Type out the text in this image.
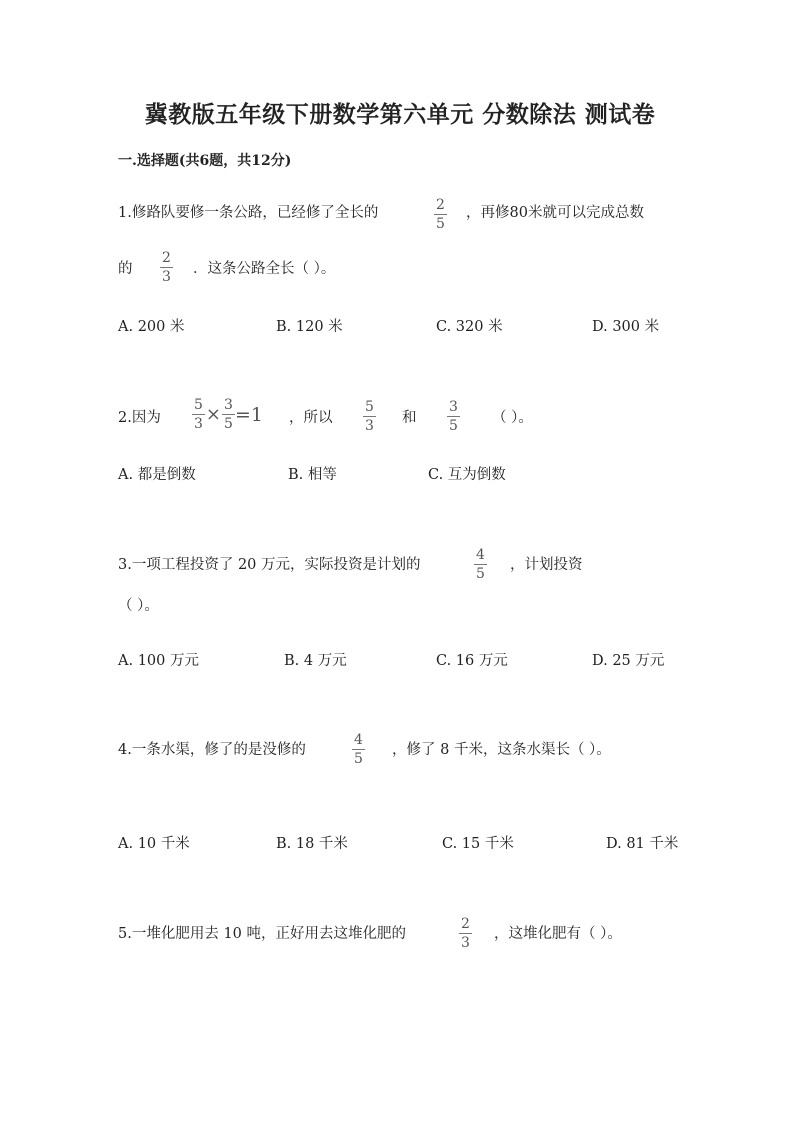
冀教版五年级下册数学第六单元 分数除法 测试卷
一.选择题(共6题，共12分)
1.修路队要修一条公路，已经修了全长的	$\frac{2}{5}$ ，再修80米就可以完成总数
的 $\frac{2}{3}$ ．这条公路全长（ ）。
A. 200 米	B. 120 米	C. 320 米	D. 300 米
2.因为 $\frac{5}{3} \times \frac{3}{5} =1$ ，所以 $\frac{5}{3}$ 和 $\frac{3}{5}$ （ ）。
A. 都是倒数	B. 相等	C. 互为倒数
3.一项工程投资了 20 万元，实际投资是计划的	$\frac{4}{5}$ ，计划投资
（ ）。
A. 100 万元	B. 4 万元	C. 16 万元	D. 25 万元
4.一条水渠，修了的是没修的	$\frac{4}{5}$ ，修了 8 千米，这条水渠长（ ）。
A. 10 千米	B. 18 千米	C. 15 千米	D. 81 千米
5.一堆化肥用去 10 吨，正好用去这堆化肥的	$\frac{2}{3}$ ，这堆化肥有（ ）。
